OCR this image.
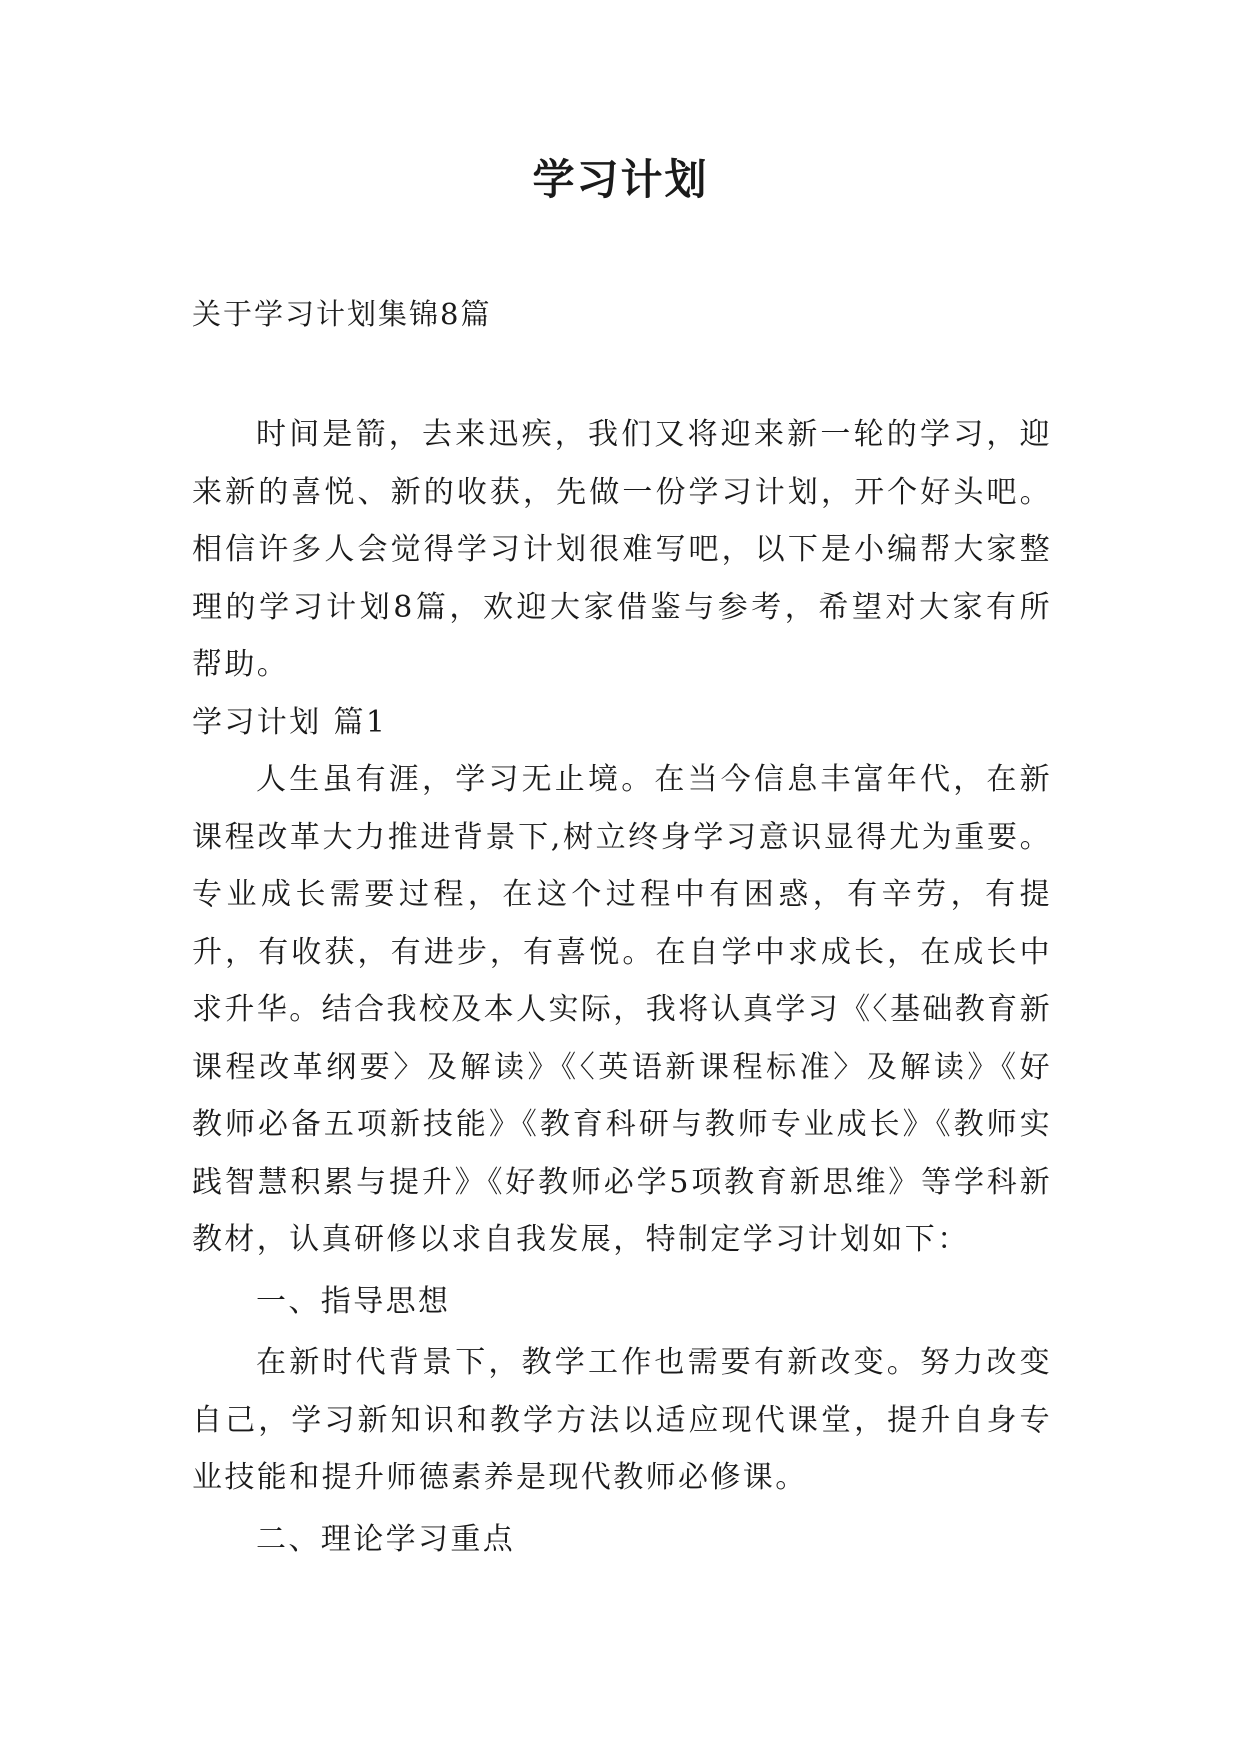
学习计划

关于学习计划集锦8篇

时间是箭，去来迅疾，我们又将迎来新一轮的学习，迎来新的喜悦、新的收获，先做一份学习计划，开个好头吧。相信许多人会觉得学习计划很难写吧，以下是小编帮大家整理的学习计划8篇，欢迎大家借鉴与参考，希望对大家有所帮助。

学习计划 篇1

人生虽有涯，学习无止境。在当今信息丰富年代，在新课程改革大力推进背景下,树立终身学习意识显得尤为重要。专业成长需要过程，在这个过程中有困惑，有辛劳，有提升，有收获，有进步，有喜悦。在自学中求成长，在成长中求升华。结合我校及本人实际，我将认真学习《〈基础教育新课程改革纲要〉及解读》《〈英语新课程标准〉及解读》《好教师必备五项新技能》《教育科研与教师专业成长》《教师实践智慧积累与提升》《好教师必学5项教育新思维》等学科新教材，认真研修以求自我发展，特制定学习计划如下：

一、指导思想

在新时代背景下，教学工作也需要有新改变。努力改变自己，学习新知识和教学方法以适应现代课堂，提升自身专业技能和提升师德素养是现代教师必修课。

二、理论学习重点
